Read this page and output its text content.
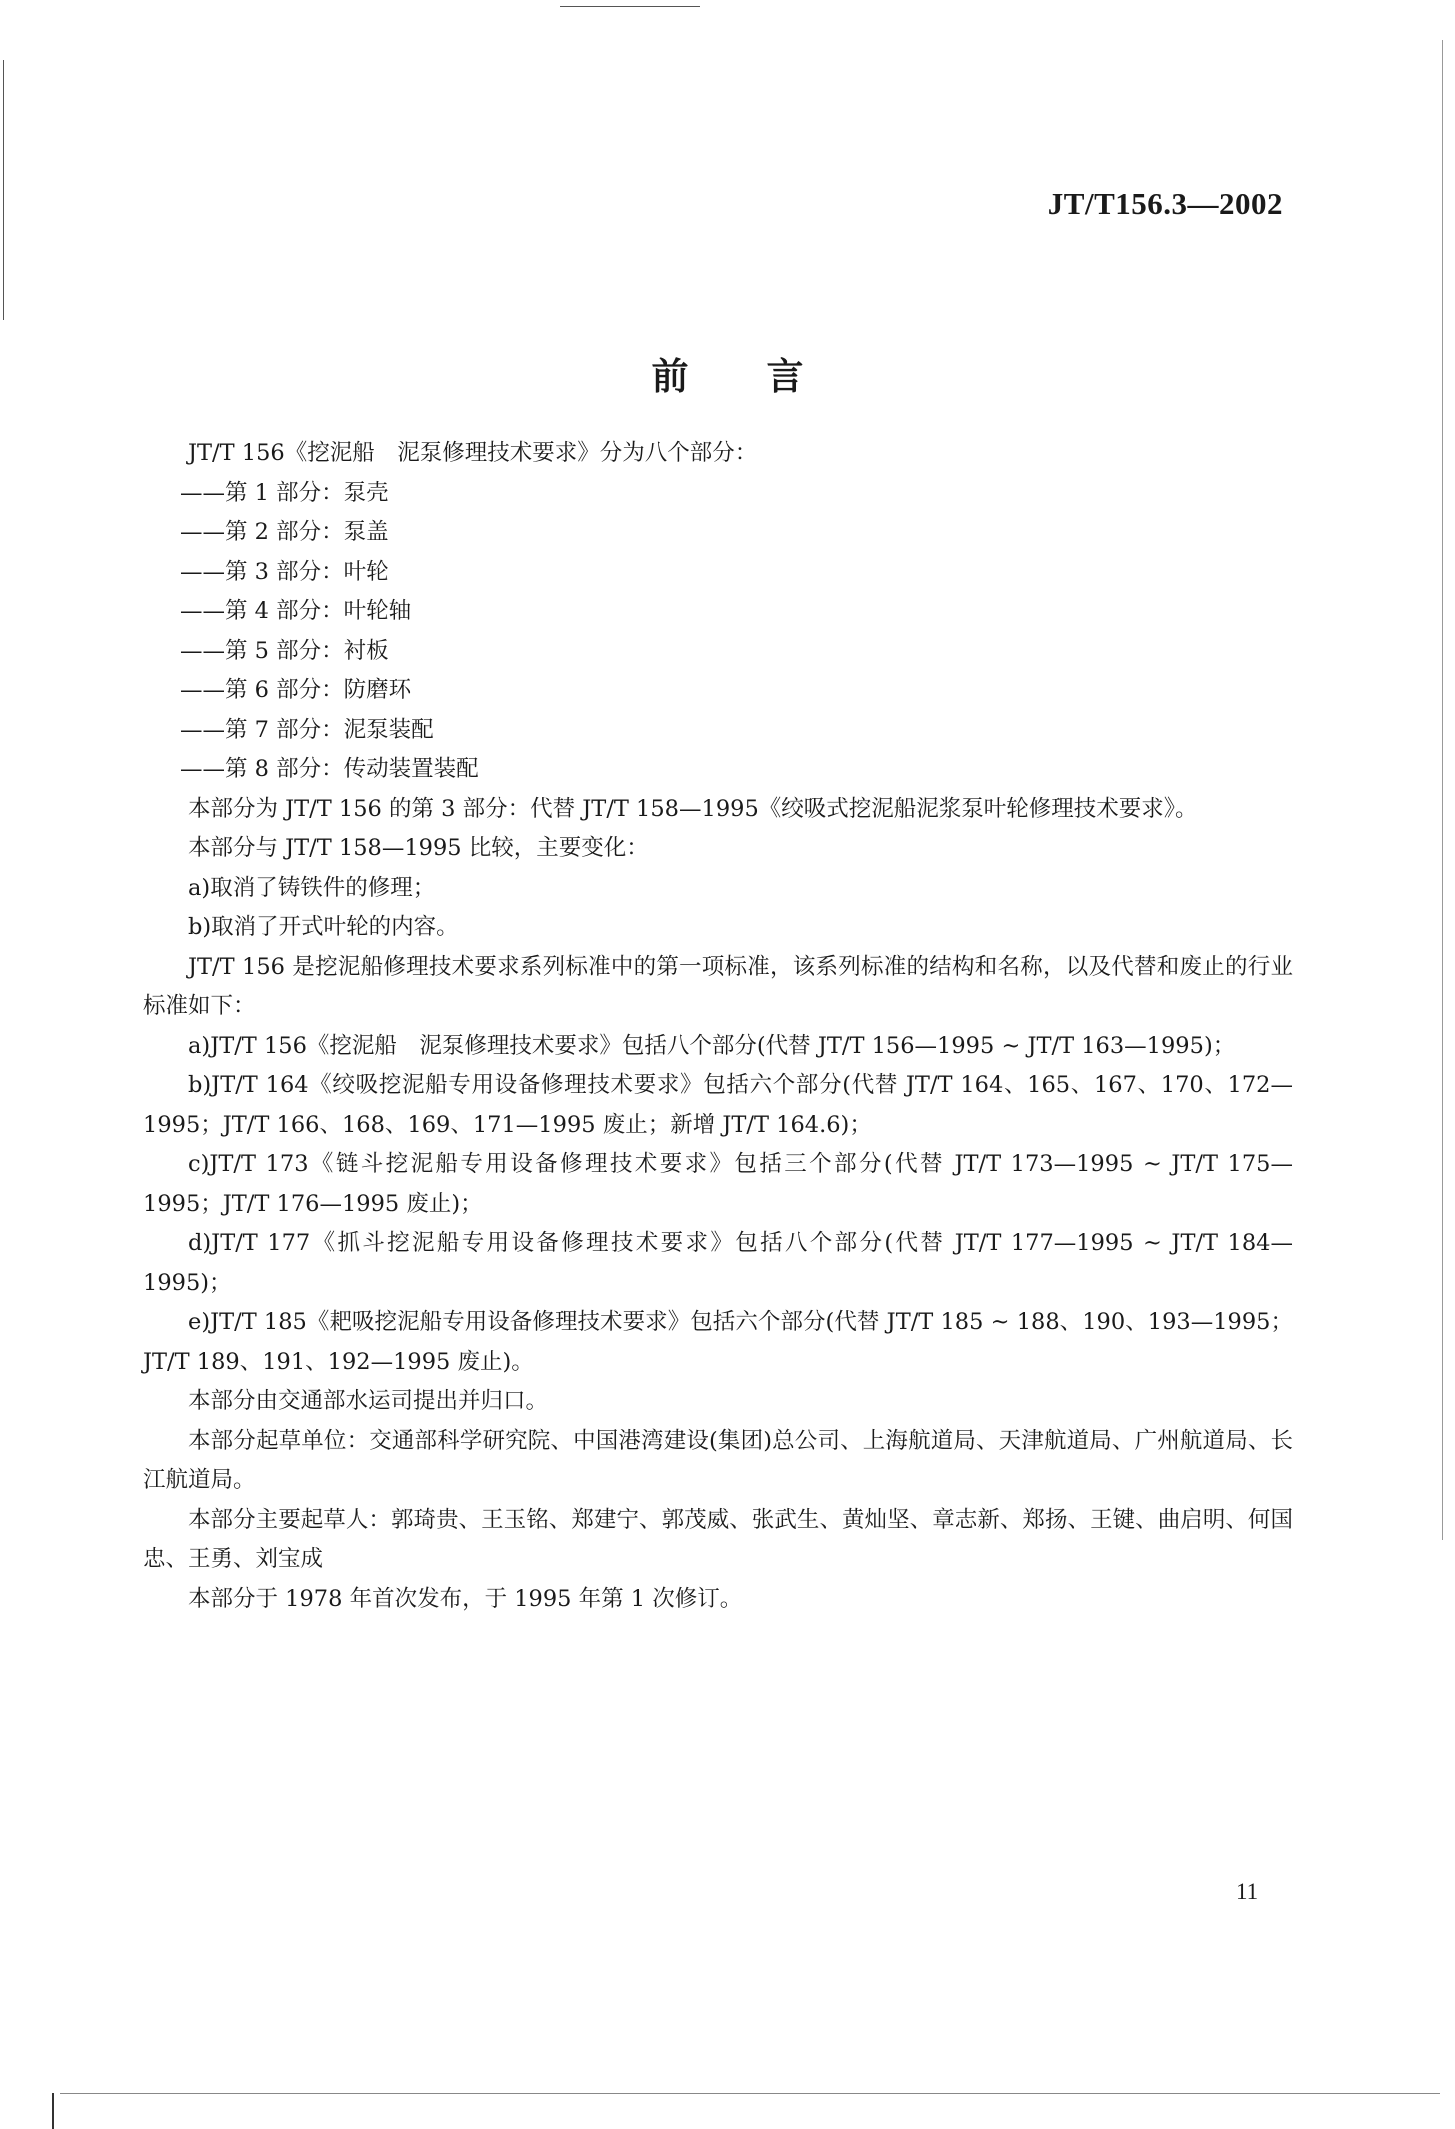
JT/T156.3—2002
前言

JT/T 156《挖泥船　泥泵修理技术要求》分为八个部分：

——第 1 部分：泵壳

——第 2 部分：泵盖

——第 3 部分：叶轮

——第 4 部分：叶轮轴

——第 5 部分：衬板

——第 6 部分：防磨环

——第 7 部分：泥泵装配

——第 8 部分：传动装置装配

本部分为 JT/T 156 的第 3 部分：代替 JT/T 158—1995《绞吸式挖泥船泥浆泵叶轮修理技术要求》。

本部分与 JT/T 158—1995 比较，主要变化：

a)取消了铸铁件的修理；

b)取消了开式叶轮的内容。

JT/T 156 是挖泥船修理技术要求系列标准中的第一项标准，该系列标准的结构和名称，以及代替和废止的行业标准如下：

a)JT/T 156《挖泥船　泥泵修理技术要求》包括八个部分(代替 JT/T 156—1995 ~ JT/T 163—1995)；

b)JT/T 164《绞吸挖泥船专用设备修理技术要求》包括六个部分(代替 JT/T 164、165、167、170、172—1995；JT/T 166、168、169、171—1995 废止；新增 JT/T 164.6)；

c)JT/T 173《链斗挖泥船专用设备修理技术要求》包括三个部分(代替 JT/T 173—1995 ~ JT/T 175—1995；JT/T 176—1995 废止)；

d)JT/T 177《抓斗挖泥船专用设备修理技术要求》包括八个部分(代替 JT/T 177—1995 ~ JT/T 184—1995)；

e)JT/T 185《耙吸挖泥船专用设备修理技术要求》包括六个部分(代替 JT/T 185 ~ 188、190、193—1995；JT/T 189、191、192—1995 废止)。

本部分由交通部水运司提出并归口。

本部分起草单位：交通部科学研究院、中国港湾建设(集团)总公司、上海航道局、天津航道局、广州航道局、长江航道局。

本部分主要起草人：郭琦贵、王玉铭、郑建宁、郭茂威、张武生、黄灿坚、章志新、郑扬、王键、曲启明、何国忠、王勇、刘宝成

本部分于 1978 年首次发布，于 1995 年第 1 次修订。

11
